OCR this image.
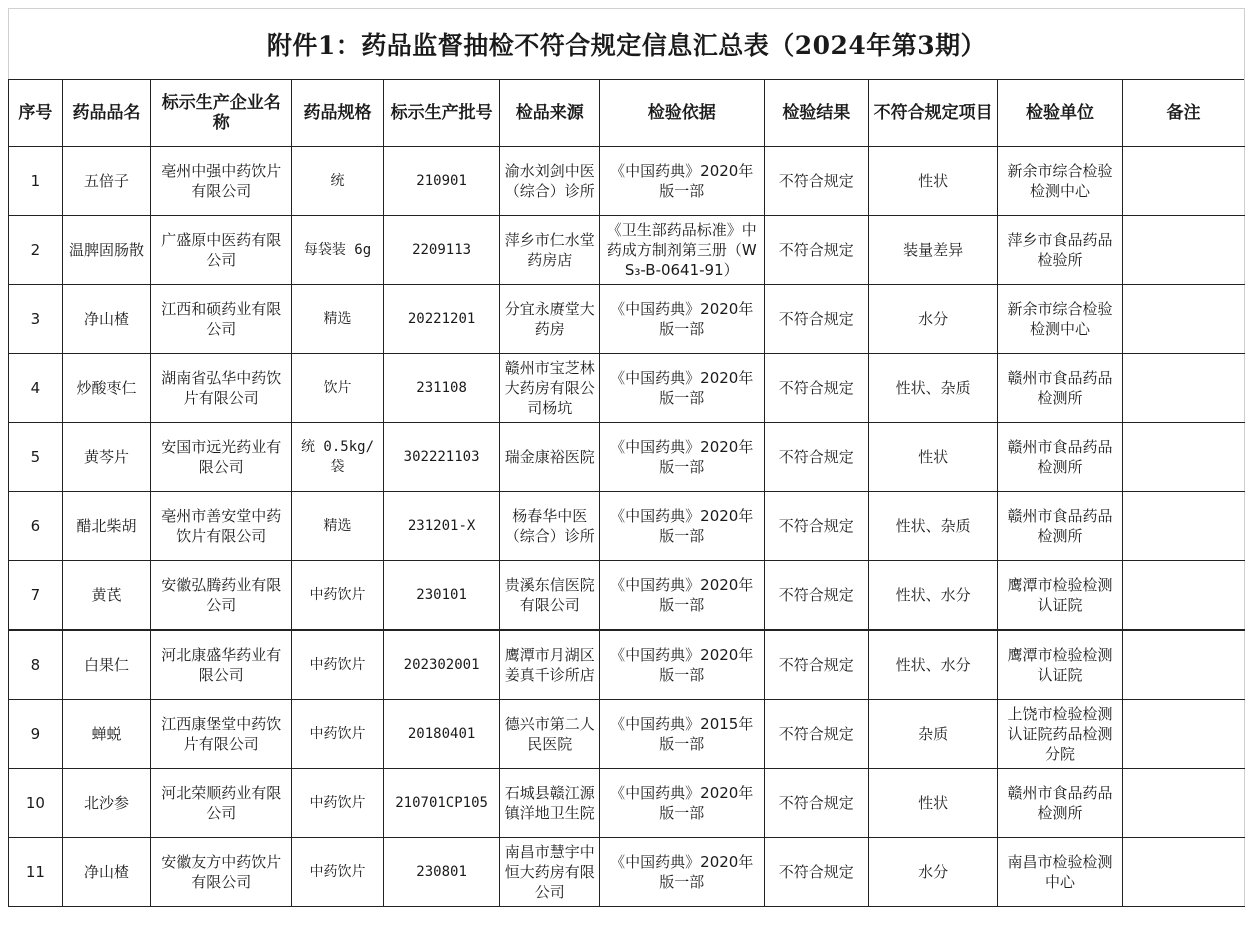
附件1：药品监督抽检不符合规定信息汇总表（2024年第3期）
序号	药品品名	标示生产企业名称	药品规格	标示生产批号	检品来源	检验依据	检验结果	不符合规定项目	检验单位	备注
1	五倍子	亳州中强中药饮片有限公司	统	210901	渝水刘剑中医（综合）诊所	《中国药典》2020年版一部	不符合规定	性状	新余市综合检验检测中心	
2	温脾固肠散	广盛原中医药有限公司	每袋装 6g	2209113	萍乡市仁水堂药房店	《卫生部药品标准》中药成方制剂第三册（WS₃-B-0641-91）	不符合规定	装量差异	萍乡市食品药品检验所	
3	净山楂	江西和硕药业有限公司	精选	20221201	分宜永赓堂大药房	《中国药典》2020年版一部	不符合规定	水分	新余市综合检验检测中心	
4	炒酸枣仁	湖南省弘华中药饮片有限公司	饮片	231108	赣州市宝芝林大药房有限公司杨坑	《中国药典》2020年版一部	不符合规定	性状、杂质	赣州市食品药品检测所	
5	黄芩片	安国市远光药业有限公司	统 0.5kg/袋	302221103	瑞金康裕医院	《中国药典》2020年版一部	不符合规定	性状	赣州市食品药品检测所	
6	醋北柴胡	亳州市善安堂中药饮片有限公司	精选	231201-X	杨春华中医（综合）诊所	《中国药典》2020年版一部	不符合规定	性状、杂质	赣州市食品药品检测所	
7	黄芪	安徽弘腾药业有限公司	中药饮片	230101	贵溪东信医院有限公司	《中国药典》2020年版一部	不符合规定	性状、水分	鹰潭市检验检测认证院	
8	白果仁	河北康盛华药业有限公司	中药饮片	202302001	鹰潭市月湖区姜真千诊所店	《中国药典》2020年版一部	不符合规定	性状、水分	鹰潭市检验检测认证院	
9	蝉蜕	江西康堡堂中药饮片有限公司	中药饮片	20180401	德兴市第二人民医院	《中国药典》2015年版一部	不符合规定	杂质	上饶市检验检测认证院药品检测分院	
10	北沙参	河北荣顺药业有限公司	中药饮片	210701CP105	石城县赣江源镇洋地卫生院	《中国药典》2020年版一部	不符合规定	性状	赣州市食品药品检测所	
11	净山楂	安徽友方中药饮片有限公司	中药饮片	230801	南昌市慧宇中恒大药房有限公司	《中国药典》2020年版一部	不符合规定	水分	南昌市检验检测中心	
